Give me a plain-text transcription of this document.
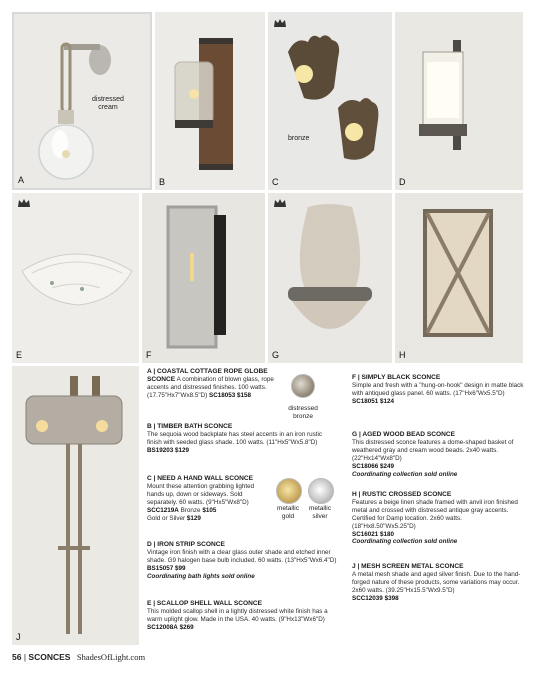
distressed
cream
A	B
bronze
C	D
E	F	G	H
J
A | COASTAL COTTAGE ROPE GLOBE SCONCE A combination of blown glass, rope accents and distressed finishes. 100 watts. (17.75"Hx7"Wx8.5"D) SC18053 $158
distressed
bronze

B | TIMBER BATH SCONCE

The sequoia wood backplate has steel accents in an iron rustic finish with seeded glass shade. 100 watts. (11"Hx5"Wx5.8"D)

BS19203 $129

C | NEED A HAND WALL SCONCE

Mount these attention grabbing lighted hands up, down or sideways. Sold separately. 60 watts. (9"Hx5"Wx8"D)

SCC1219A Bronze $105

Gold or Silver $129

metallic
gold
metallic
silver

D | IRON STRIP SCONCE

Vintage iron finish with a clear glass outer shade and etched inner shade. G9 halogen base bulb included. 60 watts. (13"Hx5"Wx6.4"D)

BS15057 $99

Coordinating bath lights sold online

E | SCALLOP SHELL WALL SCONCE

This molded scallop shell in a lightly distressed white finish has a warm uplight glow. Made in the USA. 40 watts. (9"Hx13"Wx6"D)

SC12008A $269

F | SIMPLY BLACK SCONCE

Simple and fresh with a "hung-on-hook" design in matte black with antiqued glass panel. 60 watts. (17"Hx6"Wx5.5"D)

SC18051 $124

G | AGED WOOD BEAD SCONCE

This distressed sconce features a dome-shaped basket of weathered gray and cream wood beads. 2x40 watts. (22"Hx14"Wx8"D)

SC18066 $249

Coordinating collection sold online

H | RUSTIC CROSSED SCONCE

Features a beige linen shade framed with anvil iron finished metal and crossed with distressed antique gray accents. Certified for Damp location. 2x60 watts. (18"Hx8.50"Wx5.25"D)

SC16021 $180

Coordinating collection sold online

J | MESH SCREEN METAL SCONCE

A metal mesh shade and aged silver finish. Due to the hand-forged nature of these products, some variations may occur. 2x60 watts. (39.25"Hx15.5"Wx9.5"D)

SCC12039 $398

56 | SCONCES ShadesOfLight.com
